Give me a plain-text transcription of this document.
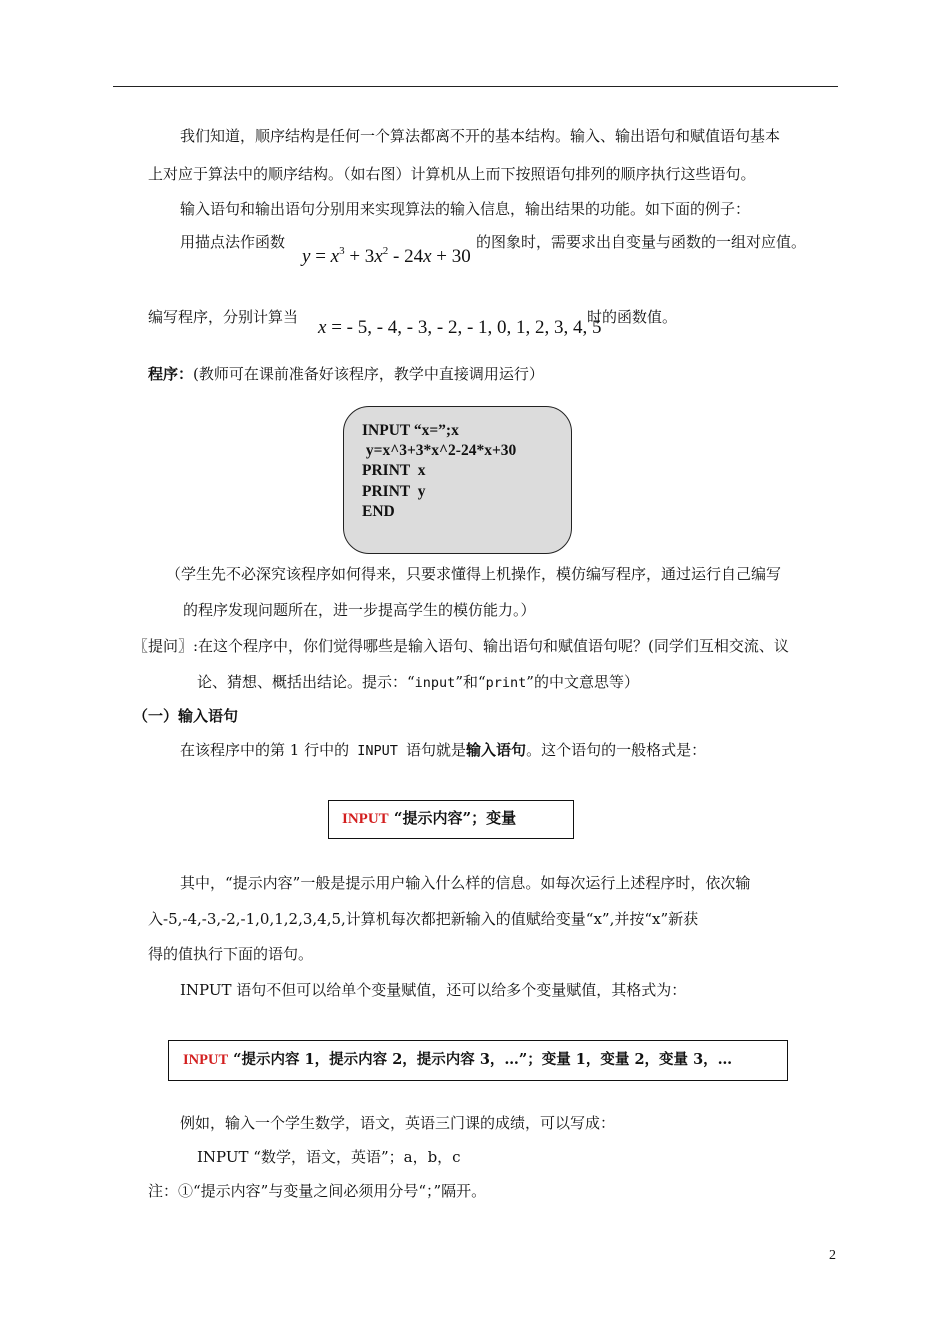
我们知道，顺序结构是任何一个算法都离不开的基本结构。输入、输出语句和赋值语句基本
上对应于算法中的顺序结构。（如右图）计算机从上而下按照语句排列的顺序执行这些语句。
输入语句和输出语句分别用来实现算法的输入信息，输出结果的功能。如下面的例子：
用描点法作函数
$y = x^3 + 3x^2 - 24x + 30$
的图象时，需要求出自变量与函数的一组对应值。
编写程序，分别计算当 x = - 5, - 4, - 3, - 2, - 1, 0, 1, 2, 3, 4, 5
时的函数值。
程序：(教师可在课前准备好该程序，教学中直接调用运行）
INPUT “x=”;x
y=x^3+3*x^2-24*x+30
PRINT  x
PRINT  y
END
（学生先不必深究该程序如何得来，只要求懂得上机操作，模仿编写程序，通过运行自己编写
的程序发现问题所在，进一步提高学生的模仿能力。）
〖提问〗:在这个程序中，你们觉得哪些是输入语句、输出语句和赋值语句呢？(同学们互相交流、议
论、猜想、概括出结论。提示：“input”和“print”的中文意思等）
（一）输入语句
在该程序中的第 1 行中的 INPUT 语句就是输入语句。这个语句的一般格式是：
INPUT “提示内容”；变量
其中，“提示内容”一般是提示用户输入什么样的信息。如每次运行上述程序时，依次输
入-5,-4,-3,-2,-1,0,1,2,3,4,5,计算机每次都把新输入的值赋给变量“x”,并按“x”新获
得的值执行下面的语句。
INPUT 语句不但可以给单个变量赋值，还可以给多个变量赋值，其格式为：
INPUT “提示内容 1，提示内容 2，提示内容 3，…”；变量 1，变量 2，变量 3，…
例如，输入一个学生数学，语文，英语三门课的成绩，可以写成：
INPUT “数学，语文，英语”；a，b，c
注：①“提示内容”与变量之间必须用分号“；”隔开。
2
